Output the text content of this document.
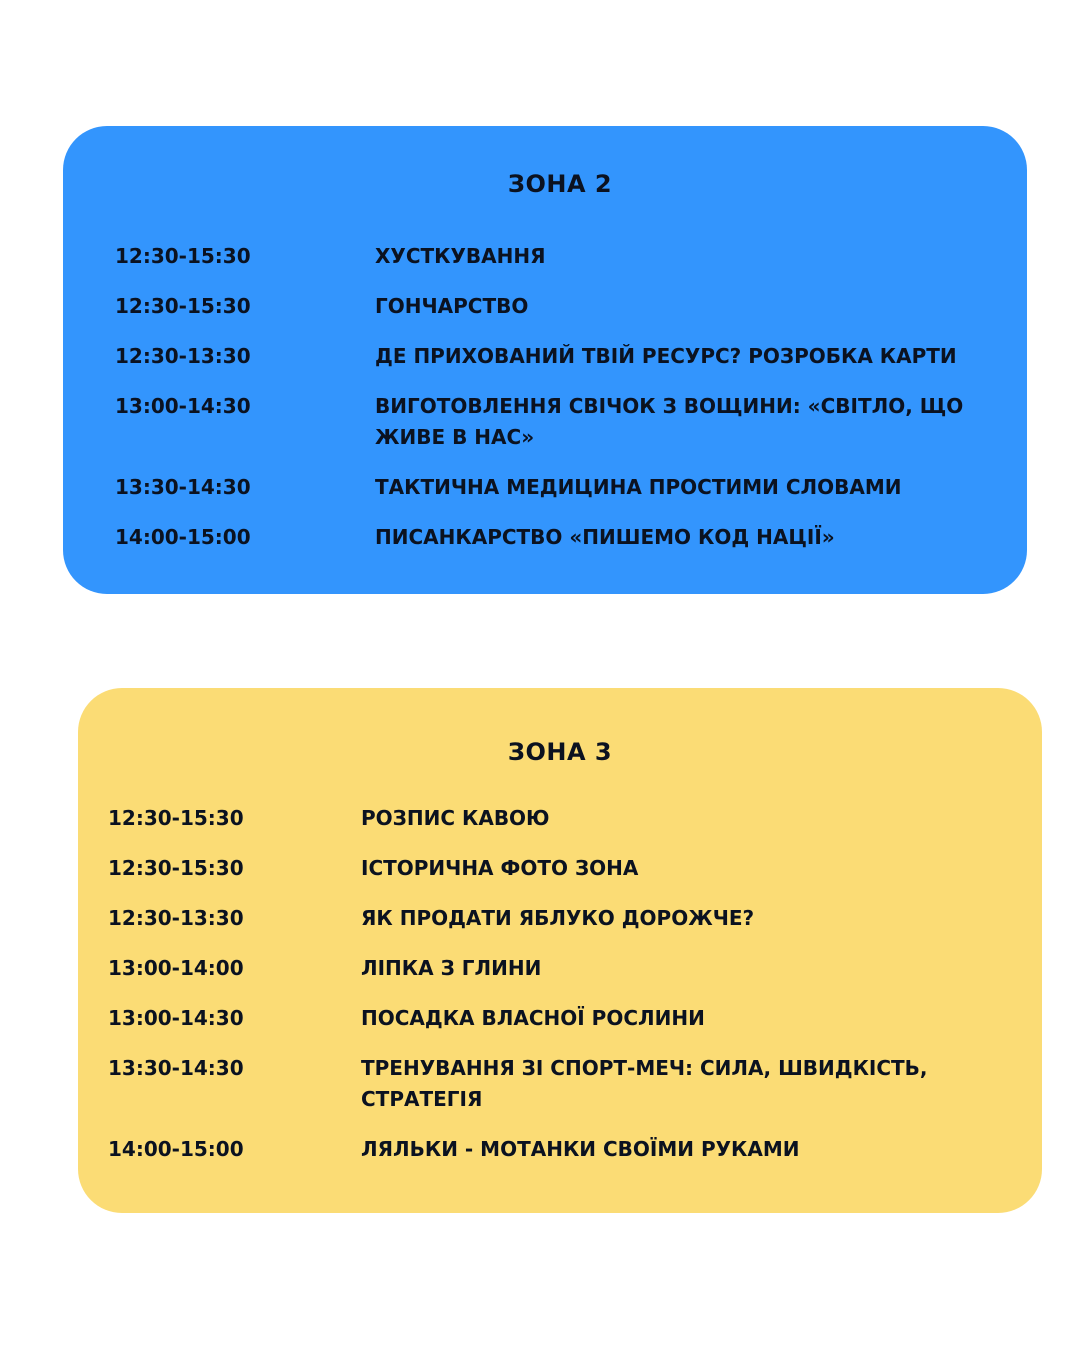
ЗОНА 2
12:30-15:30	ХУСТКУВАННЯ
12:30-15:30	ГОНЧАРСТВО
12:30-13:30	ДЕ ПРИХОВАНИЙ ТВІЙ РЕСУРС? РОЗРОБКА КАРТИ
13:00-14:30	ВИГОТОВЛЕННЯ СВІЧОК З ВОЩИНИ: «СВІТЛО, ЩО ЖИВЕ В НАС»
13:30-14:30	ТАКТИЧНА МЕДИЦИНА ПРОСТИМИ СЛОВАМИ
14:00-15:00	ПИСАНКАРСТВО «ПИШЕМО КОД НАЦІЇ»
ЗОНА 3
12:30-15:30	РОЗПИС КАВОЮ
12:30-15:30	ІСТОРИЧНА ФОТО ЗОНА
12:30-13:30	ЯК ПРОДАТИ ЯБЛУКО ДОРОЖЧЕ?
13:00-14:00	ЛІПКА З ГЛИНИ
13:00-14:30	ПОСАДКА ВЛАСНОЇ РОСЛИНИ
13:30-14:30	ТРЕНУВАННЯ ЗІ СПОРТ-МЕЧ: СИЛА, ШВИДКІСТЬ, СТРАТЕГІЯ
14:00-15:00	ЛЯЛЬКИ - МОТАНКИ СВОЇМИ РУКАМИ
